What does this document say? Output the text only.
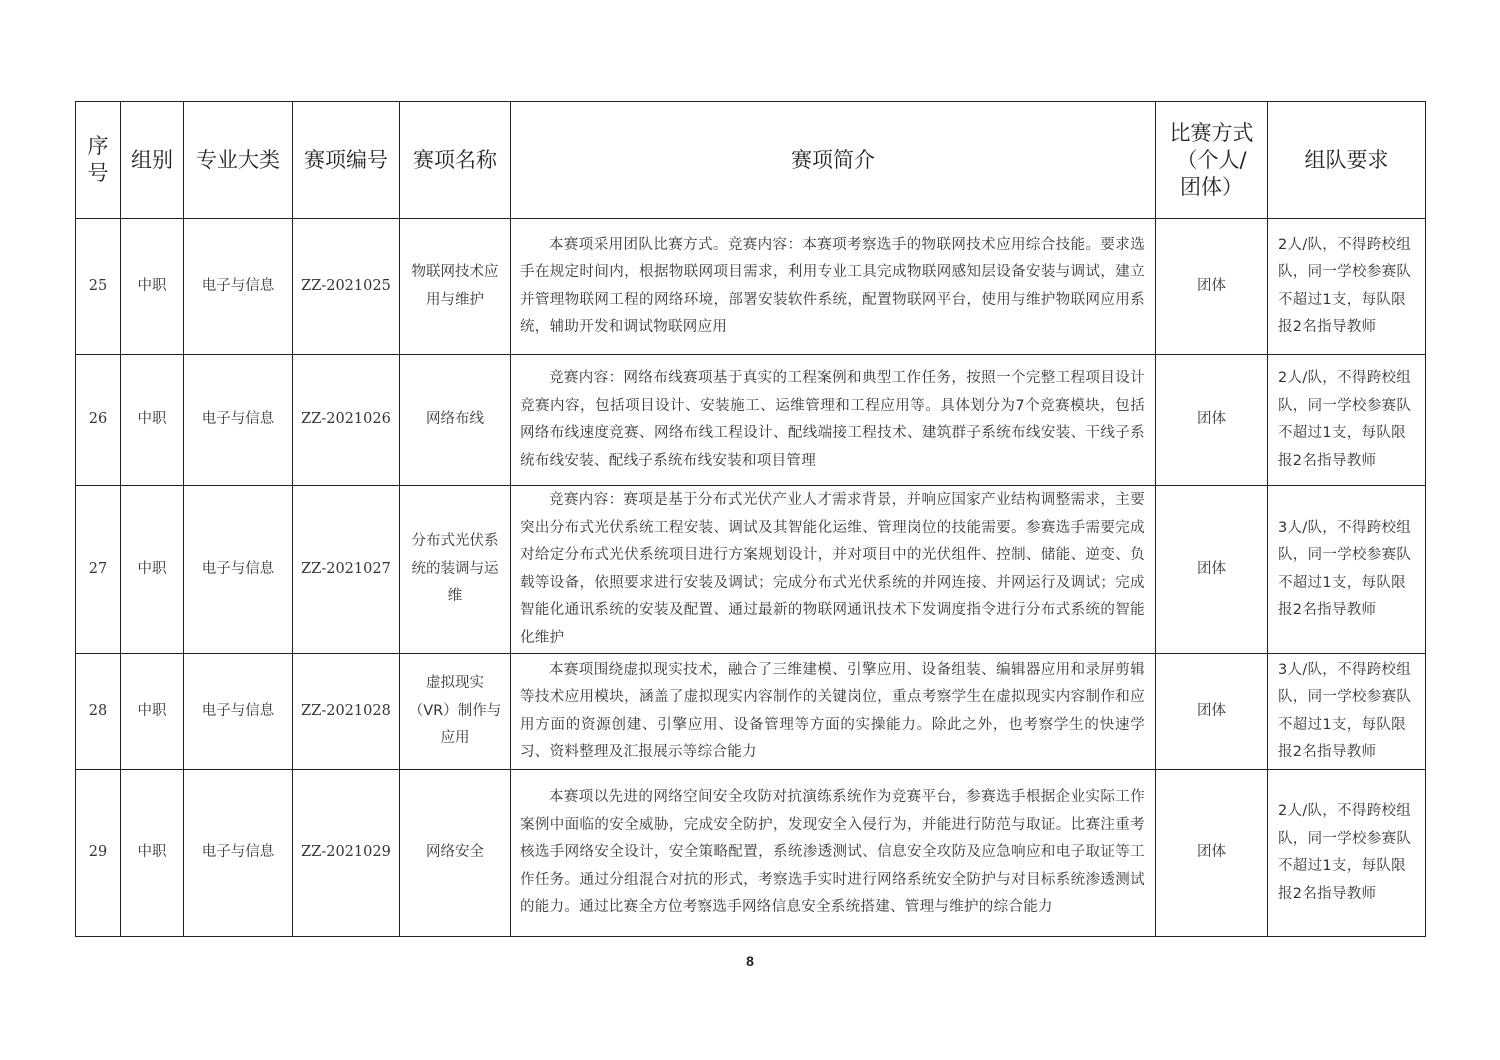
序号	组别	专业大类	赛项编号	赛项名称	赛项简介	比赛方式（个人/团体）	组队要求
25	中职	电子与信息	ZZ-2021025	物联网技术应用与维护	本赛项采用团队比赛方式。竞赛内容：本赛项考察选手的物联网技术应用综合技能。要求选手在规定时间内，根据物联网项目需求，利用专业工具完成物联网感知层设备安装与调试，建立并管理物联网工程的网络环境，部署安装软件系统，配置物联网平台，使用与维护物联网应用系统，辅助开发和调试物联网应用	团体	2人/队，不得跨校组队，同一学校参赛队不超过1支，每队限报2名指导教师
26	中职	电子与信息	ZZ-2021026	网络布线	竞赛内容：网络布线赛项基于真实的工程案例和典型工作任务，按照一个完整工程项目设计竞赛内容，包括项目设计、安装施工、运维管理和工程应用等。具体划分为7个竞赛模块，包括网络布线速度竞赛、网络布线工程设计、配线端接工程技术、建筑群子系统布线安装、干线子系统布线安装、配线子系统布线安装和项目管理	团体	2人/队，不得跨校组队，同一学校参赛队不超过1支，每队限报2名指导教师
27	中职	电子与信息	ZZ-2021027	分布式光伏系统的装调与运维	竞赛内容：赛项是基于分布式光伏产业人才需求背景，并响应国家产业结构调整需求，主要突出分布式光伏系统工程安装、调试及其智能化运维、管理岗位的技能需要。参赛选手需要完成对给定分布式光伏系统项目进行方案规划设计，并对项目中的光伏组件、控制、储能、逆变、负载等设备，依照要求进行安装及调试；完成分布式光伏系统的并网连接、并网运行及调试；完成智能化通讯系统的安装及配置、通过最新的物联网通讯技术下发调度指令进行分布式系统的智能化维护	团体	3人/队，不得跨校组队，同一学校参赛队不超过1支，每队限报2名指导教师
28	中职	电子与信息	ZZ-2021028	虚拟现实（VR）制作与应用	本赛项围绕虚拟现实技术，融合了三维建模、引擎应用、设备组装、编辑器应用和录屏剪辑等技术应用模块，涵盖了虚拟现实内容制作的关键岗位，重点考察学生在虚拟现实内容制作和应用方面的资源创建、引擎应用、设备管理等方面的实操能力。除此之外，也考察学生的快速学习、资料整理及汇报展示等综合能力	团体	3人/队，不得跨校组队，同一学校参赛队不超过1支，每队限报2名指导教师
29	中职	电子与信息	ZZ-2021029	网络安全	本赛项以先进的网络空间安全攻防对抗演练系统作为竞赛平台，参赛选手根据企业实际工作案例中面临的安全威胁，完成安全防护，发现安全入侵行为，并能进行防范与取证。比赛注重考核选手网络安全设计，安全策略配置，系统渗透测试、信息安全攻防及应急响应和电子取证等工作任务。通过分组混合对抗的形式，考察选手实时进行网络系统安全防护与对目标系统渗透测试的能力。通过比赛全方位考察选手网络信息安全系统搭建、管理与维护的综合能力	团体	2人/队，不得跨校组队，同一学校参赛队不超过1支，每队限报2名指导教师
8
